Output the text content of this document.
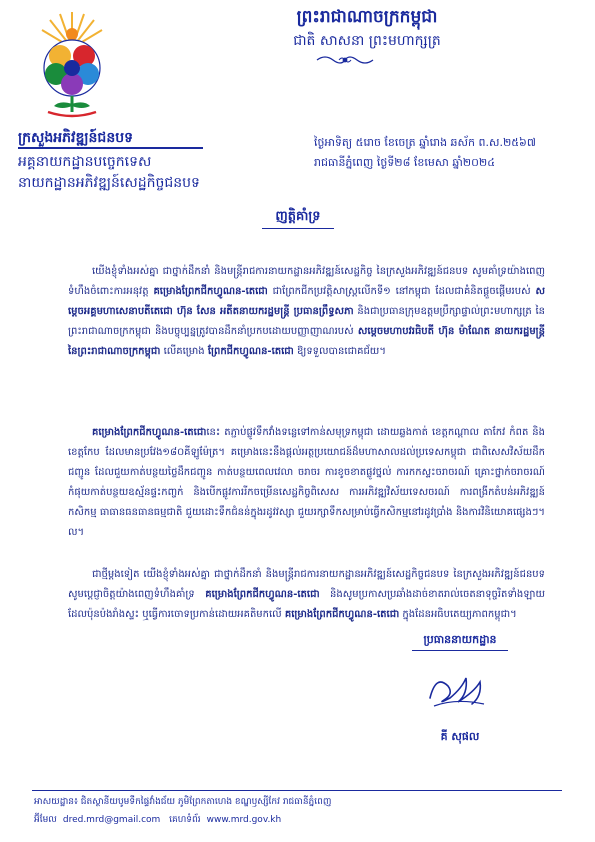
ព្រះរាជាណាចក្រកម្ពុជា
ជាតិ សាសនា ព្រះមហាក្សត្រ
ក្រសួងអភិវឌ្ឍន៍ជនបទ
អគ្គនាយកដ្ឋានបច្ចេកទេស
នាយកដ្ឋានអភិវឌ្ឍន៍សេដ្ឋកិច្ចជនបទ
ថ្ងៃអាទិត្យ ៥រោច ខែចេត្រ ឆ្នាំរោង ឆស័ក ព.ស.២៥៦៧
រាជធានីភ្នំពេញ ថ្ងៃទី២៨ ខែមេសា ឆ្នាំ២០២៤
ញត្តិគាំទ្រ
យើងខ្ញុំទាំងអស់គ្នា ជាថ្នាក់ដឹកនាំ និងមន្ត្រីរាជការនាយកដ្ឋានអភិវឌ្ឍន៍សេដ្ឋកិច្ច នៃក្រសួងអភិវឌ្ឍន៍ជនបទ សូមគាំទ្រយ៉ាងពេញទំហឹងចំពោះការអនុវត្ត គម្រោងព្រែកជីកហ្វូណន-តេជោ ជាព្រែកជីកប្រវត្តិសាស្ត្រលើកទី១ នៅកម្ពុជា ដែលជាគំនិតផ្តួចផ្តើមរបស់ សម្តេចអគ្គមហាសេនាបតីតេជោ ហ៊ុន សែន អតីតនាយករដ្ឋមន្ត្រី ប្រធានព្រឹទ្ធសភា និងជាប្រធានក្រុមឧត្តមប្រឹក្សាផ្ទាល់ព្រះមហាក្សត្រ នៃព្រះរាជាណាចក្រកម្ពុជា និងបច្ចុប្បន្នត្រូវបានដឹកនាំប្រកបដោយបញ្ញាញាណរបស់ សម្តេចមហាបវរធិបតី ហ៊ុន ម៉ាណែត នាយករដ្ឋមន្ត្រីនៃព្រះរាជាណាចក្រកម្ពុជា លើគម្រោង ព្រែកជីកហ្វូណន-តេជោ ឱ្យទទួលបានជោគជ័យ។
គម្រោងព្រែកជីកហ្វូណន-តេជោនេះ តភ្ជាប់ផ្លូវទឹកវាំងទន្លេទៅកាន់សមុទ្រកម្ពុជា ដោយឆ្លងកាត់ ខេត្តកណ្តាល តាកែវ កំពត និងខេត្តកែប ដែលមានប្រវែង១៨០គីឡូម៉ែត្រ។ គម្រោងនេះនឹងផ្តល់អត្ថប្រយោជន៍ដ៏មហាសាលដល់ប្រទេសកម្ពុជា ជាពិសេសវិស័យដឹកជញ្ជូន ដែលជួយកាត់បន្ថយថ្លៃដឹកជញ្ជូន កាត់បន្ថយពេលវេលា ចរាចរ ការខូចខាតផ្លូវថ្នល់ ការកកស្ទះចរាចរណ៍ គ្រោះថ្នាក់ចរាចរណ៍ កំផុយកាត់បន្ថយឧស្ម័នផ្ទះកញ្ចក់ និងបើកផ្លូវការរីកចម្រើនសេដ្ឋកិច្ចពិសេស ការអភិវឌ្ឍវិស័យទេសចរណ៍ ការពង្រីកតំបន់អភិវឌ្ឍន៍កសិកម្ម ធាធានធនធានធម្មជាតិ ជួយដោះទឹកជំនន់ក្នុងរដូវវស្សា ជួយរក្សាទឹកសម្រាប់ធ្វើកសិកម្មនៅរដូវប្រាំង និងការវិនិយោគផ្សេងៗ។ល។
ជាថ្មីម្តងទៀត យើងខ្ញុំទាំងអស់គ្នា ជាថ្នាក់ដឹកនាំ និងមន្ត្រីរាជការនាយកដ្ឋានអភិវឌ្ឍន៍សេដ្ឋកិច្ចជនបទ នៃក្រសួងអភិវឌ្ឍន៍ជនបទ សូមប្តេជ្ញាចិត្តយ៉ាងពេញទំហឹងគាំទ្រ គម្រោងព្រែកជីកហ្វូណន-តេជោ និងសូមប្រកាសប្រឆាំងដាច់ខាតរាល់ចេតនាទុច្ចរិតទាំងឡាយដែលប៉ុនប៉ងរាំងស្ទះ ឬធ្វើការចោទប្រកាន់ដោយអគតិមកលើ គម្រោងព្រែកជីកហ្វូណន-តេជោ ក្នុងដែនអធិបតេយ្យភាពកម្ពុជា។
ប្រធាននាយកដ្ឋាន
គី សុផល
អាសយដ្ឋាន៖ ជិតស្ថានីយបូមទឹកផ្ទៃវាំងជ័យ ភូមិព្រែកតាហេង ខណ្ឌឫស្សីកែវ រាជធានីភ្នំពេញ
អ៊ីមែល dred.mrd@gmail.com គេហទំព័រ www.mrd.gov.kh
